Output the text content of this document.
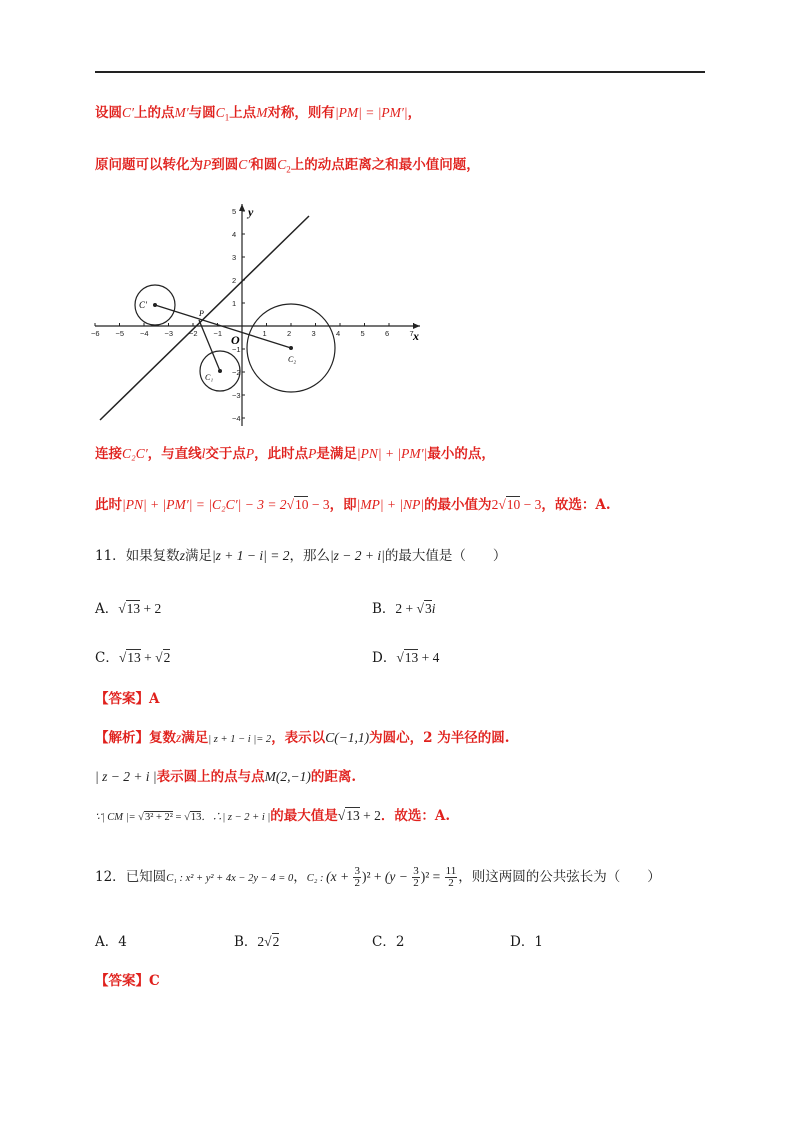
设圆C′上的点M′与圆$C_1$上点M对称，则有|PM| = |PM′|，
原问题可以转化为P到圆C′和圆$C_2$上的动点距离之和最小值问题，
y
x
O
−6 −5 −4 −3 −2 −1	1	2	3	4	5	6	7
5
4
3
2
1
−1
−2
−3
−4
C′
P
C₁
C₂
连接C₂C′，与直线l交于点P，此时点P是满足|PN| + |PM′|最小的点，
此时|PN| + |PM′| = |C₂C′| − 3 = 2√10 − 3，即|MP| + |NP|的最小值为2√10 − 3，故选：A.
11．如果复数z满足|z + 1 − i| = 2，那么|z − 2 + i|的最大值是（　　）
A．√13 + 2	B．2 + √3i
C．√13 + √2	D．√13 + 4
【答案】A
【解析】复数z满足| z + 1 − i |= 2，表示以C(−1,1)为圆心，2 为半径的圆.
| z − 2 + i |表示圆上的点与点M(2,−1)的距离.
∵| CM |= √3² + 2² = √13．∴| z − 2 + i |的最大值是√13 + 2．故选：A.
12．已知圆C₁ : x² + y² + 4x − 2y − 4 = 0，C₂ : $(x + \frac{3}{2} )^2 + (y - \frac{3}{2} )^2 = \frac{11}{2}$ ，则这两圆的公共弦长为（　　）
A．4	B．2√2	C．2	D．1
【答案】C
